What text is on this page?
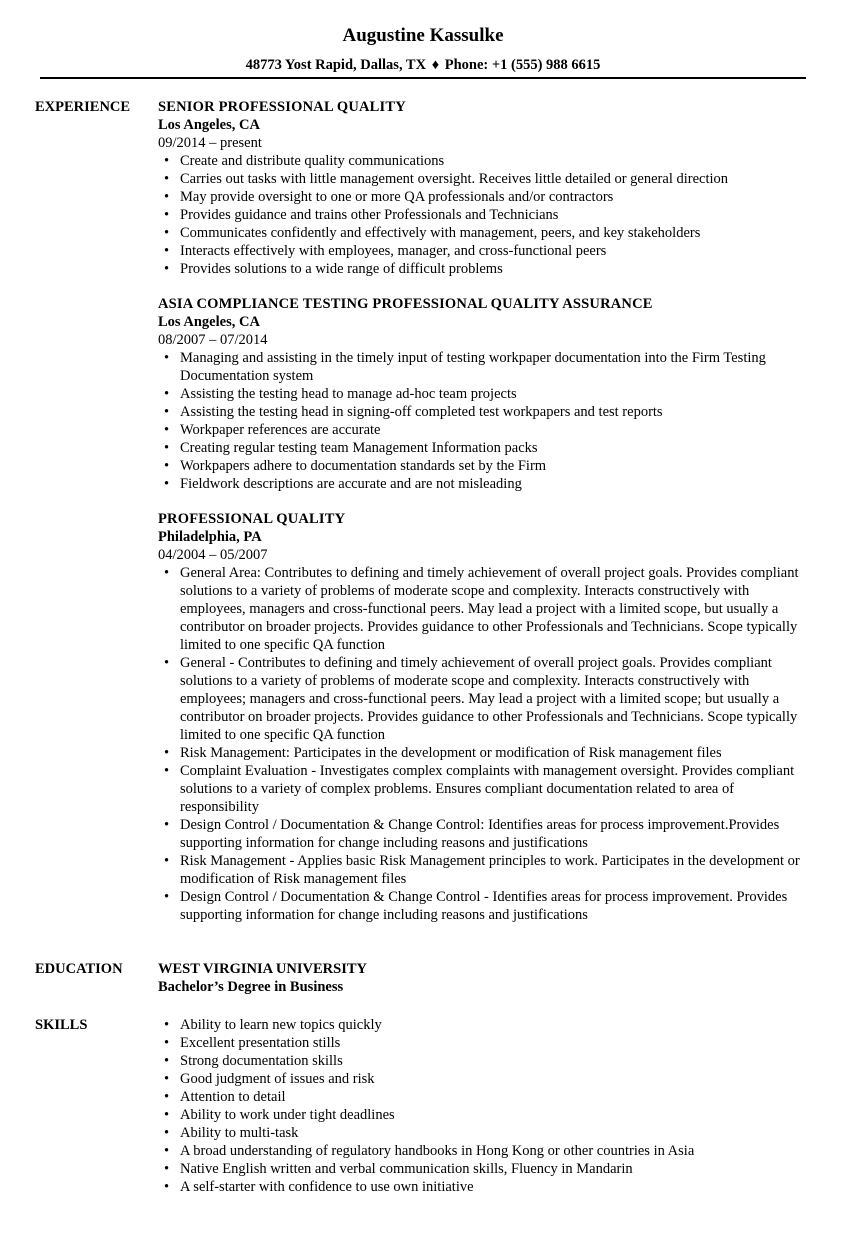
Augustine Kassulke
48773 Yost Rapid, Dallas, TX ♦ Phone: +1 (555) 988 6615
EXPERIENCE	SENIOR PROFESSIONAL QUALITY
Los Angeles, CA
09/2014 – present
• Create and distribute quality communications
• Carries out tasks with little management oversight. Receives little detailed or general direction
• May provide oversight to one or more QA professionals and/or contractors
• Provides guidance and trains other Professionals and Technicians
• Communicates confidently and effectively with management, peers, and key stakeholders
• Interacts effectively with employees, manager, and cross-functional peers
• Provides solutions to a wide range of difficult problems
ASIA COMPLIANCE TESTING PROFESSIONAL QUALITY ASSURANCE
Los Angeles, CA
08/2007 – 07/2014
• Managing and assisting in the timely input of testing workpaper documentation into the Firm Testing Documentation system
• Assisting the testing head to manage ad-hoc team projects
• Assisting the testing head in signing-off completed test workpapers and test reports
• Workpaper references are accurate
• Creating regular testing team Management Information packs
• Workpapers adhere to documentation standards set by the Firm
• Fieldwork descriptions are accurate and are not misleading
PROFESSIONAL QUALITY
Philadelphia, PA
04/2004 – 05/2007
• General Area: Contributes to defining and timely achievement of overall project goals. Provides compliant solutions to a variety of problems of moderate scope and complexity. Interacts constructively with employees, managers and cross-functional peers. May lead a project with a limited scope, but usually a contributor on broader projects. Provides guidance to other Professionals and Technicians. Scope typically limited to one specific QA function
• General - Contributes to defining and timely achievement of overall project goals. Provides compliant solutions to a variety of problems of moderate scope and complexity. Interacts constructively with employees; managers and cross-functional peers. May lead a project with a limited scope; but usually a contributor on broader projects. Provides guidance to other Professionals and Technicians. Scope typically limited to one specific QA function
• Risk Management: Participates in the development or modification of Risk management files
• Complaint Evaluation - Investigates complex complaints with management oversight. Provides compliant solutions to a variety of complex problems. Ensures compliant documentation related to area of responsibility
• Design Control / Documentation & Change Control: Identifies areas for process improvement.Provides supporting information for change including reasons and justifications
• Risk Management - Applies basic Risk Management principles to work. Participates in the development or modification of Risk management files
• Design Control / Documentation & Change Control - Identifies areas for process improvement. Provides supporting information for change including reasons and justifications
EDUCATION	WEST VIRGINIA UNIVERSITY
Bachelor’s Degree in Business
SKILLS
•	Ability to learn new topics quickly
• Excellent presentation stills
• Strong documentation skills
• Good judgment of issues and risk
• Attention to detail
• Ability to work under tight deadlines
• Ability to multi-task
• A broad understanding of regulatory handbooks in Hong Kong or other countries in Asia
• Native English written and verbal communication skills, Fluency in Mandarin
• A self-starter with confidence to use own initiative
